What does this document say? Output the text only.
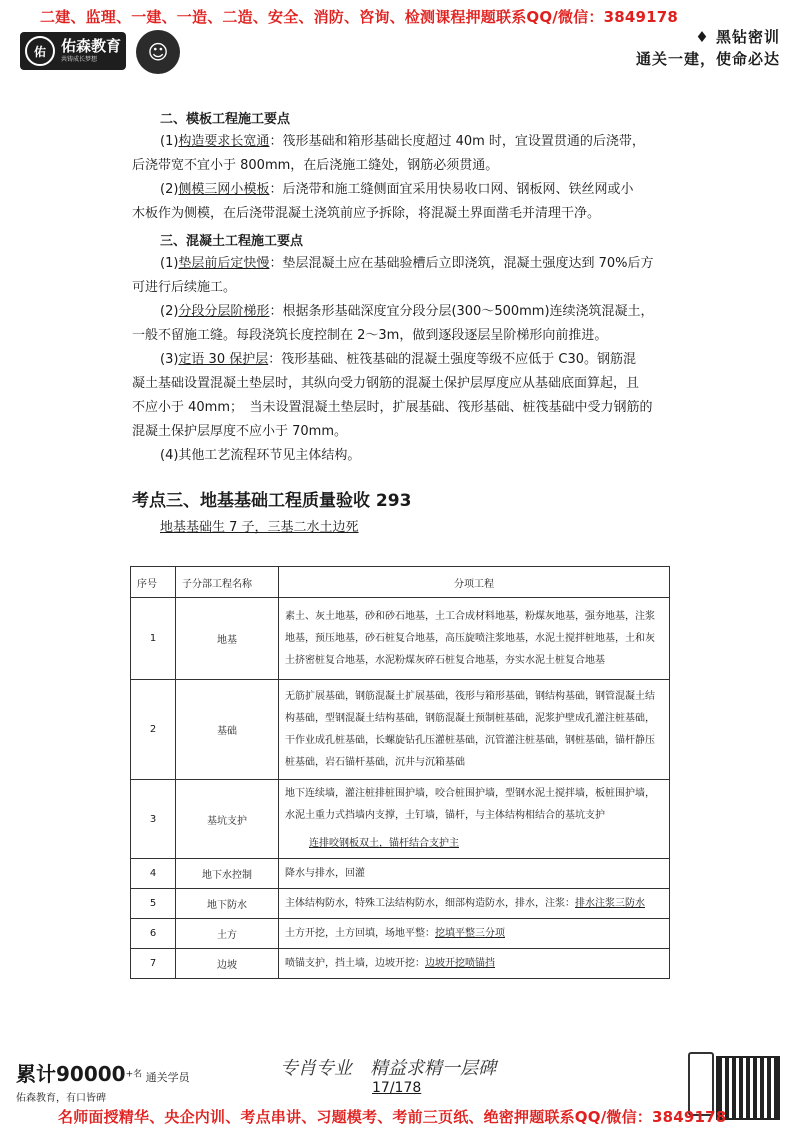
二建、监理、一建、一造、二造、安全、消防、咨询、检测课程押题联系QQ/微信：3849178
佑	佑森教育
共铸成长梦想	☺
♦ 黑钻密训
通关一建，使命必达
二、模板工程施工要点
(1)构造要求长宽通：筏形基础和箱形基础长度超过 40m 时，宜设置贯通的后浇带，
后浇带宽不宜小于 800mm，在后浇施工缝处，钢筋必须贯通。
(2)侧模三网小模板：后浇带和施工缝侧面宜采用快易收口网、钢板网、铁丝网或小
木板作为侧模，在后浇带混凝土浇筑前应予拆除，将混凝土界面凿毛并清理干净。
三、混凝土工程施工要点
(1)垫层前后定快慢：垫层混凝土应在基础验槽后立即浇筑，混凝土强度达到 70%后方
可进行后续施工。
(2)分段分层阶梯形：根据条形基础深度宜分段分层(300～500mm)连续浇筑混凝土，
一般不留施工缝。每段浇筑长度控制在 2～3m，做到逐段逐层呈阶梯形向前推进。
(3)定语 30 保护层：筏形基础、桩筏基础的混凝土强度等级不应低于 C30。钢筋混
凝土基础设置混凝土垫层时，其纵向受力钢筋的混凝土保护层厚度应从基础底面算起，且
不应小于 40mm；　当未设置混凝土垫层时，扩展基础、筏形基础、桩筏基础中受力钢筋的
混凝土保护层厚度不应小于 70mm。
(4)其他工艺流程环节见主体结构。
考点三、地基基础工程质量验收 293
地基基础生 7 子，三基二水土边死
序号	子分部工程名称	分项工程
1	地基	素土、灰土地基，砂和砂石地基，土工合成材料地基，粉煤灰地基，强夯地基，注浆地基，预压地基，砂石桩复合地基，高压旋喷注浆地基，水泥土搅拌桩地基，土和灰土挤密桩复合地基，水泥粉煤灰碎石桩复合地基，夯实水泥土桩复合地基
2	基础	无筋扩展基础，钢筋混凝土扩展基础，筏形与箱形基础，钢结构基础，钢管混凝土结构基础，型钢混凝土结构基础，钢筋混凝土预制桩基础，泥浆护壁成孔灌注桩基础，干作业成孔桩基础，长螺旋钻孔压灌桩基础，沉管灌注桩基础，钢桩基础，锚杆静压桩基础，岩石锚杆基础，沉井与沉箱基础
3	基坑支护	地下连续墙，灌注桩排桩围护墙，咬合桩围护墙，型钢水泥土搅拌墙，板桩围护墙，水泥土重力式挡墙内支撑，土钉墙，锚杆，与主体结构相结合的基坑支护
连排咬钢板双土，锚杆结合支护主

4	地下水控制	降水与排水，回灌
5	地下防水	主体结构防水，特殊工法结构防水，细部构造防水，排水，注浆：排水注浆三防水
6	土方	土方开挖，土方回填，场地平整：挖填平整三分项
7	边坡	喷锚支护，挡土墙，边坡开挖：边坡开挖喷锚挡
累计$90000^{+名}$ 通关学员
佑森教育，有口皆碑
专肖专业　精益求精一层碑
17/178
名师面授精华、央企内训、考点串讲、习题模考、考前三页纸、绝密押题联系QQ/微信：3849178
